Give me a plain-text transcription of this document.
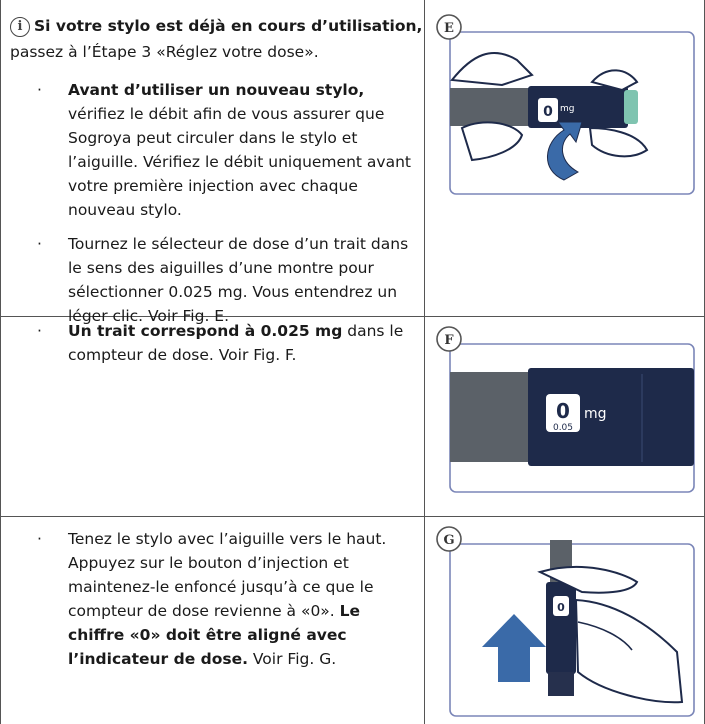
i Si votre stylo est déjà en cours d’utilisation,
passez à l’Étape 3 «Réglez votre dose».
· Avant d’utiliser un nouveau stylo, vérifiez le débit afin de vous assurer que Sogroya peut circuler dans le stylo et l’aiguille. Vérifiez le débit uniquement avant votre première injection avec chaque nouveau stylo.
· Tournez le sélecteur de dose d’un trait dans le sens des aiguilles d’une montre pour sélectionner 0.025 mg. Vous entendrez un léger clic. Voir Fig. E.
· Un trait correspond à 0.025 mg dans le compteur de dose. Voir Fig. F.
· Tenez le stylo avec l’aiguille vers le haut. Appuyez sur le bouton d’injection et maintenez-le enfoncé jusqu’à ce que le compteur de dose revienne à «0». Le chiffre «0» doit être aligné avec l’indicateur de dose. Voir Fig. G.
E
0 mg
F
0
0.05
mg
G
0
